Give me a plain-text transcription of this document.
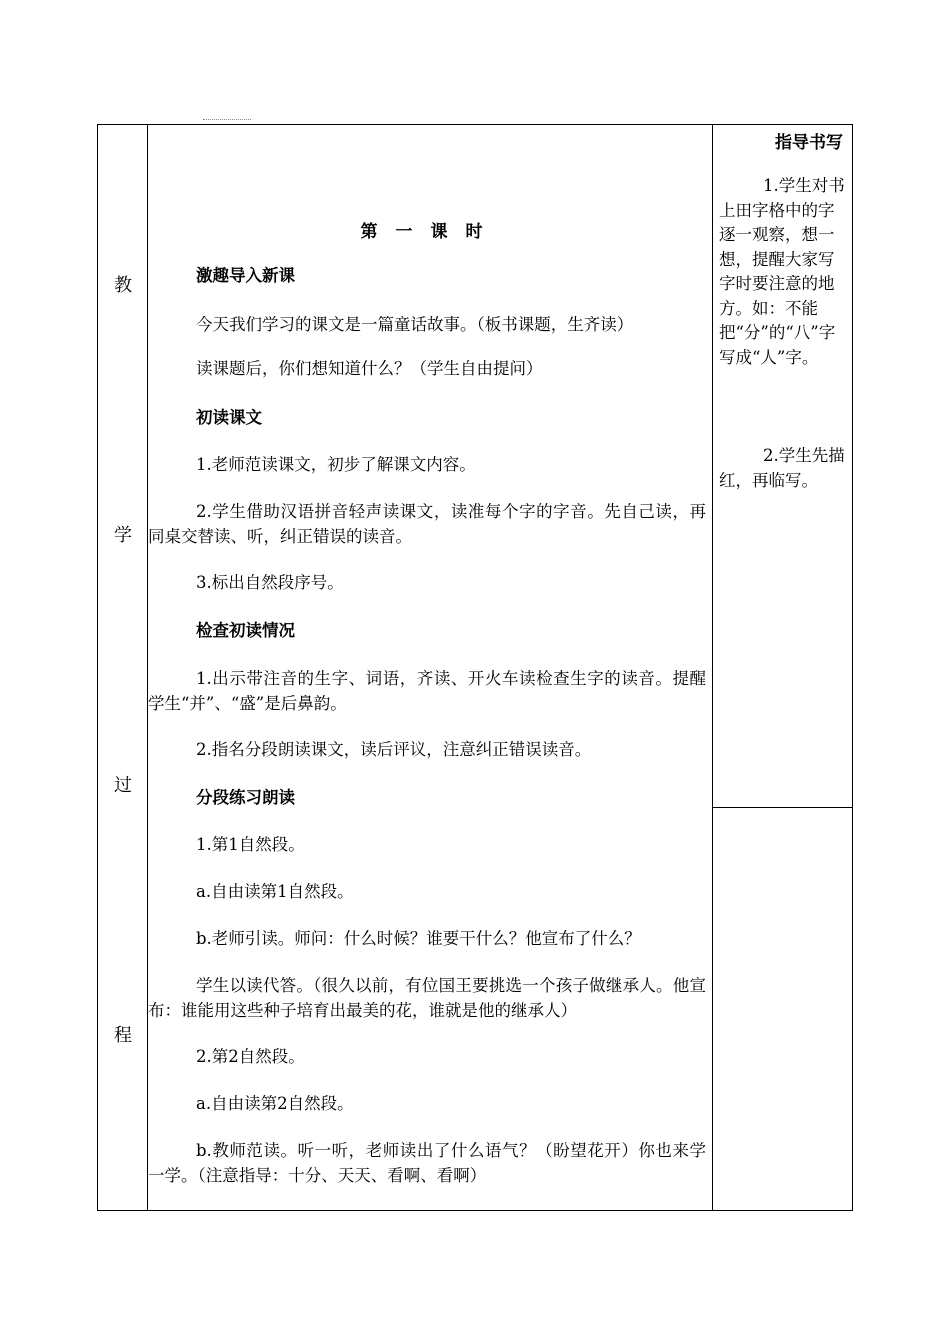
教
学
过
程
第一课时

激趣导入新课

今天我们学习的课文是一篇童话故事。（板书课题，生齐读）

读课题后，你们想知道什么？（学生自由提问）

初读课文

1.老师范读课文，初步了解课文内容。

2.学生借助汉语拼音轻声读课文，读准每个字的字音。先自己读，再同桌交替读、听，纠正错误的读音。

3.标出自然段序号。

检查初读情况

1.出示带注音的生字、词语，齐读、开火车读检查生字的读音。提醒学生“并”、“盛”是后鼻韵。

2.指名分段朗读课文，读后评议，注意纠正错误读音。

分段练习朗读

1.第1自然段。

a.自由读第1自然段。

b.老师引读。师问：什么时候？谁要干什么？他宣布了什么？

学生以读代答。（很久以前，有位国王要挑选一个孩子做继承人。他宣布：谁能用这些种子培育出最美的花，谁就是他的继承人）

2.第2自然段。

a.自由读第2自然段。

b.教师范读。听一听，老师读出了什么语气？（盼望花开）你也来学一学。（注意指导：十分、天天、看啊、看啊）

指导书写

1.学生对书上田字格中的字逐一观察，想一想，提醒大家写字时要注意的地方。如：不能把“分”的“八”字写成“人”字。

2.学生先描红，再临写。
